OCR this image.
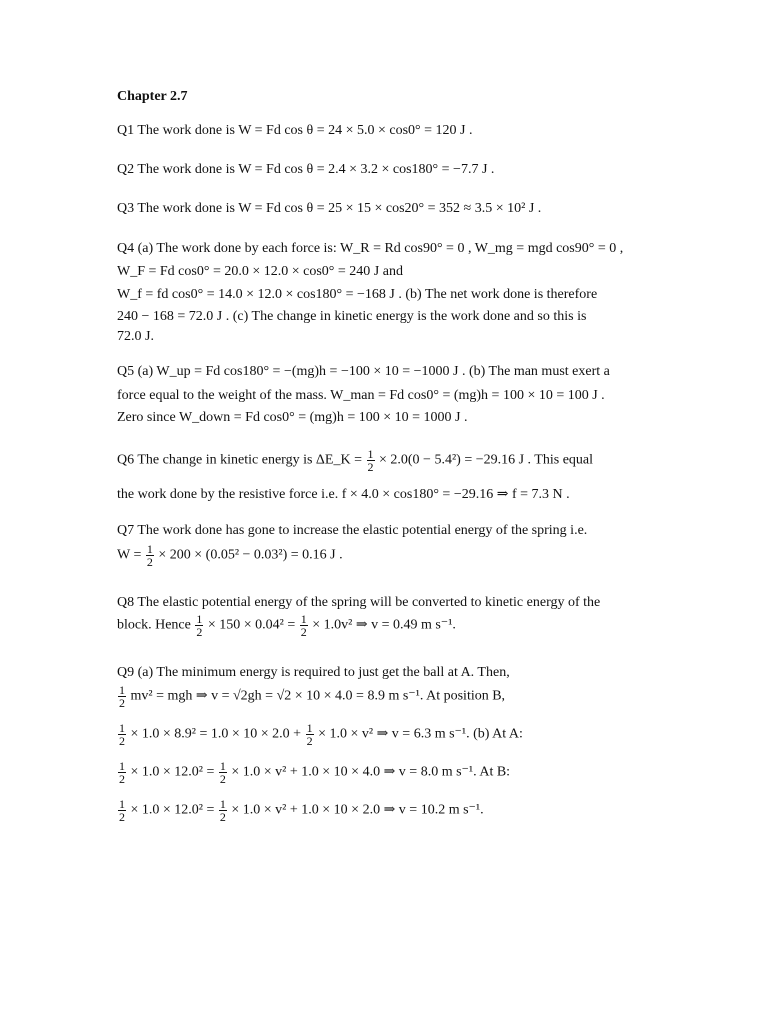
Chapter 2.7
Q1 The work done is W = Fd cos θ = 24 × 5.0 × cos0° = 120 J .
Q2 The work done is W = Fd cos θ = 2.4 × 3.2 × cos180° = −7.7 J .
Q3 The work done is W = Fd cos θ = 25 × 15 × cos20° = 352 ≈ 3.5 × 10² J .
Q4 (a) The work done by each force is: W_R = Rd cos90° = 0 , W_mg = mgd cos90° = 0 ,
W_F = Fd cos0° = 20.0 × 12.0 × cos0° = 240 J and
W_f = fd cos0° = 14.0 × 12.0 × cos180° = −168 J . (b) The net work done is therefore
240 − 168 = 72.0 J . (c) The change in kinetic energy is the work done and so this is
72.0 J.
Q5 (a) W_up = Fd cos180° = −(mg)h = −100 × 10 = −1000 J . (b) The man must exert a
force equal to the weight of the mass. W_man = Fd cos0° = (mg)h = 100 × 10 = 100 J .
Zero since W_down = Fd cos0° = (mg)h = 100 × 10 = 1000 J .
Q6 The change in kinetic energy is ΔE_K = $\frac{1}{2} \times 2.0(0 - 5.4^2) = -29.16$ J . This equal
the work done by the resistive force i.e. f × 4.0 × cos180° = −29.16 ⇒ f = 7.3 N .
Q7 The work done has gone to increase the elastic potential energy of the spring i.e.
$W = \frac{1}{2} \times 200 \times (0.05^2 - 0.03^2) = 0.16$ J .
Q8 The elastic potential energy of the spring will be converted to kinetic energy of the
block. Hence $\frac{1}{2} \times 150 \times 0.04^2 = \frac{1}{2} \times 1.0v^2$ ⇒ v = 0.49 m s⁻¹.
Q9 (a) The minimum energy is required to just get the ball at A. Then,
$\frac{1}{2} mv^2$ = mgh ⇒ v = √2gh = √2 × 10 × 4.0 = 8.9 m s⁻¹. At position B,
$\frac{1}{2} \times 1.0 \times 8.9^2 = 1.0 \times 10 \times 2.0 + \frac{1}{2} \times 1.0 \times v^2$ ⇒ v = 6.3 m s⁻¹. (b) At A:
$\frac{1}{2} \times 1.0 \times 12.0^2 = \frac{1}{2} \times 1.0 \times v^2 + 1.0 \times 10 \times 4.0$ ⇒ v = 8.0 m s⁻¹. At B:
$\frac{1}{2} \times 1.0 \times 12.0^2 = \frac{1}{2} \times 1.0 \times v^2 + 1.0 \times 10 \times 2.0$ ⇒ v = 10.2 m s⁻¹.
